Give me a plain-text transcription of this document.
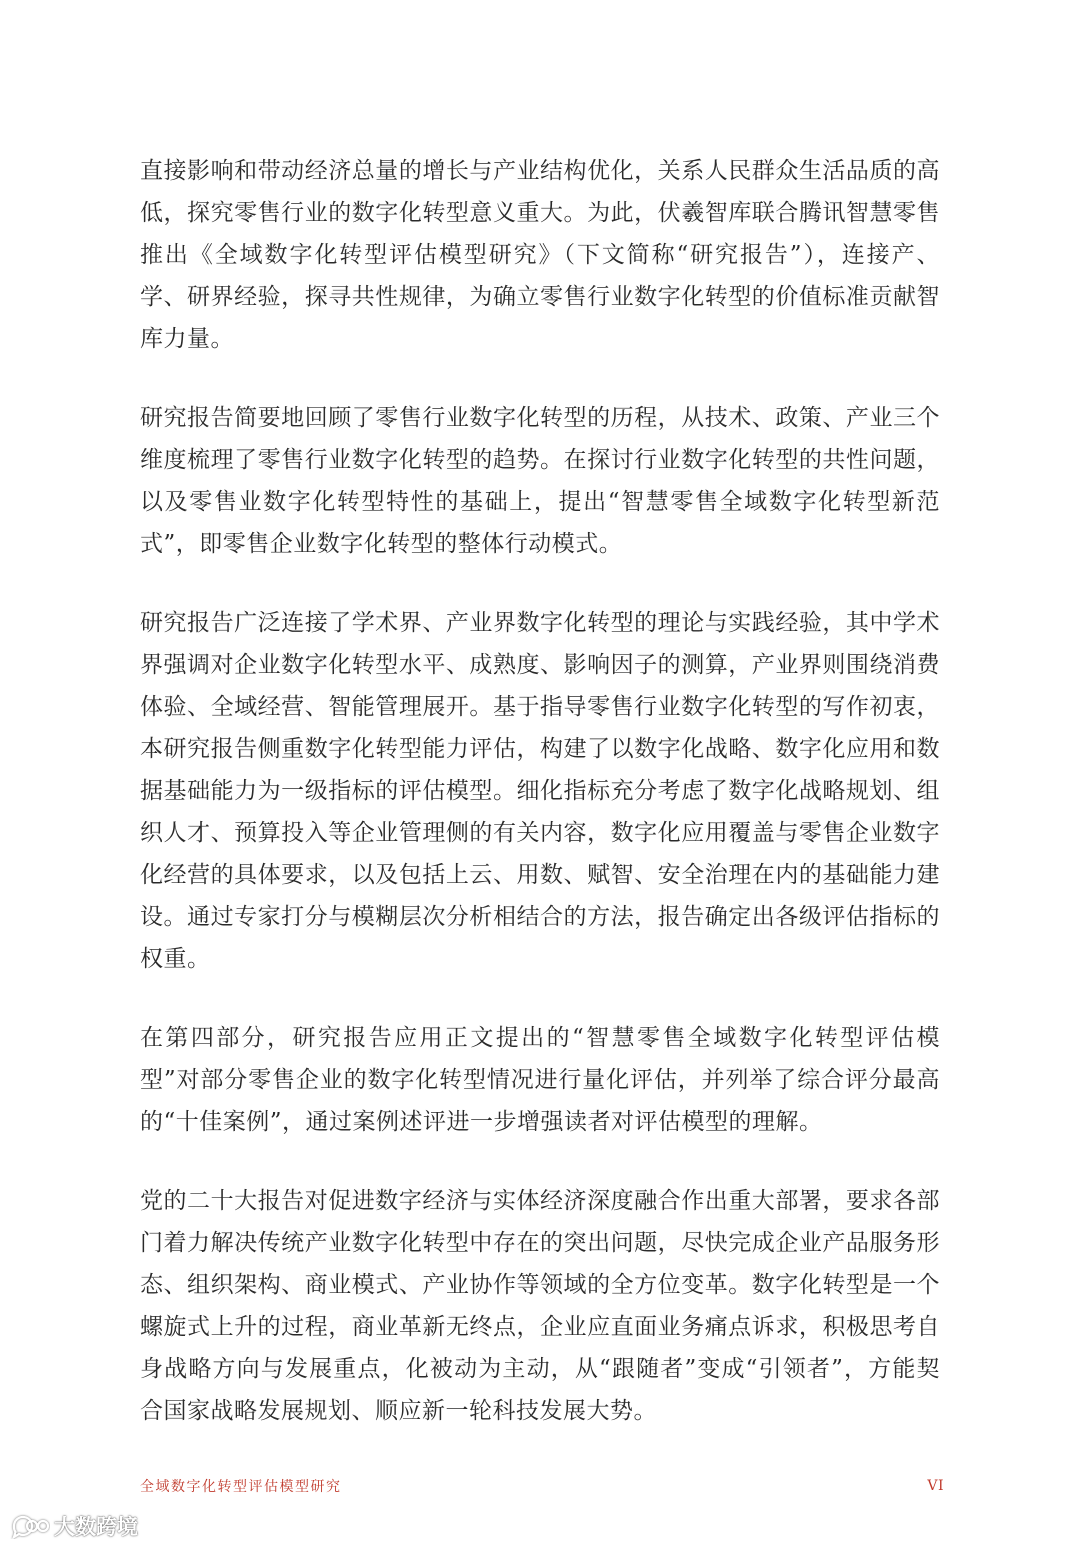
直接影响和带动经济总量的增长与产业结构优化，关系人民群众生活品质的高低，探究零售行业的数字化转型意义重大。为此，伏羲智库联合腾讯智慧零售推出《全域数字化转型评估模型研究》（下文简称“研究报告”），连接产、学、研界经验，探寻共性规律，为确立零售行业数字化转型的价值标准贡献智库力量。

研究报告简要地回顾了零售行业数字化转型的历程，从技术、政策、产业三个维度梳理了零售行业数字化转型的趋势。在探讨行业数字化转型的共性问题，以及零售业数字化转型特性的基础上，提出“智慧零售全域数字化转型新范式”，即零售企业数字化转型的整体行动模式。

研究报告广泛连接了学术界、产业界数字化转型的理论与实践经验，其中学术界强调对企业数字化转型水平、成熟度、影响因子的测算，产业界则围绕消费体验、全域经营、智能管理展开。基于指导零售行业数字化转型的写作初衷，本研究报告侧重数字化转型能力评估，构建了以数字化战略、数字化应用和数据基础能力为一级指标的评估模型。细化指标充分考虑了数字化战略规划、组织人才、预算投入等企业管理侧的有关内容，数字化应用覆盖与零售企业数字化经营的具体要求，以及包括上云、用数、赋智、安全治理在内的基础能力建设。通过专家打分与模糊层次分析相结合的方法，报告确定出各级评估指标的权重。

在第四部分，研究报告应用正文提出的“智慧零售全域数字化转型评估模型”对部分零售企业的数字化转型情况进行量化评估，并列举了综合评分最高的“十佳案例”，通过案例述评进一步增强读者对评估模型的理解。

党的二十大报告对促进数字经济与实体经济深度融合作出重大部署，要求各部门着力解决传统产业数字化转型中存在的突出问题，尽快完成企业产品服务形态、组织架构、商业模式、产业协作等领域的全方位变革。数字化转型是一个螺旋式上升的过程，商业革新无终点，企业应直面业务痛点诉求，积极思考自身战略方向与发展重点，化被动为主动，从“跟随者”变成“引领者”，方能契合国家战略发展规划、顺应新一轮科技发展大势。

全域数字化转型评估模型研究	VI
大数跨境
